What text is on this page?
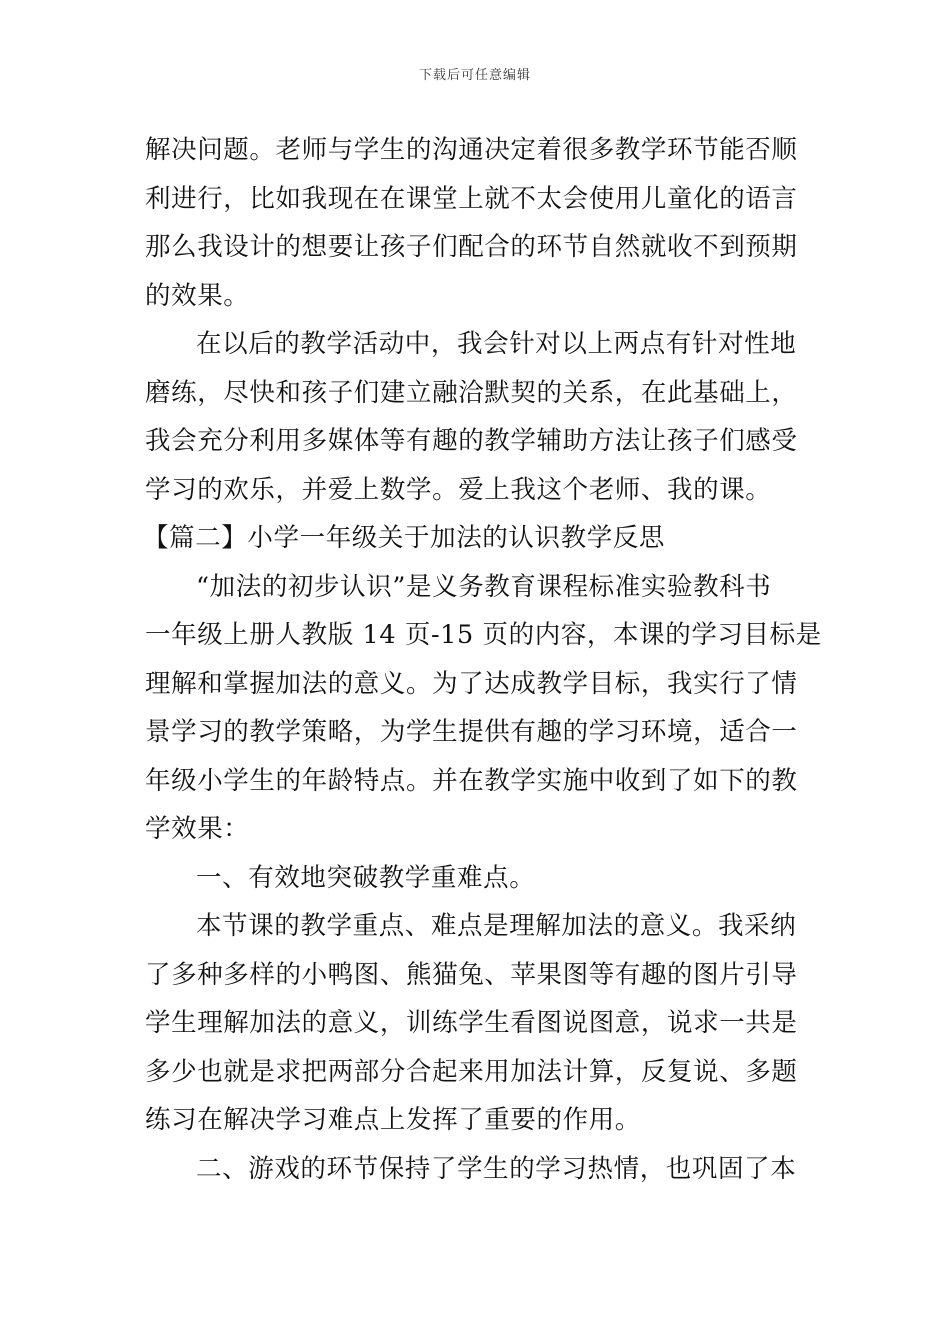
下载后可任意编辑
解决问题。老师与学生的沟通决定着很多教学环节能否顺
利进行，比如我现在在课堂上就不太会使用儿童化的语言
那么我设计的想要让孩子们配合的环节自然就收不到预期
的效果。
在以后的教学活动中，我会针对以上两点有针对性地
磨练，尽快和孩子们建立融洽默契的关系，在此基础上，
我会充分利用多媒体等有趣的教学辅助方法让孩子们感受
学习的欢乐，并爱上数学。爱上我这个老师、我的课。
【篇二】小学一年级关于加法的认识教学反思
“加法的初步认识”是义务教育课程标准实验教科书
一年级上册人教版 14 页-15 页的内容，本课的学习目标是
理解和掌握加法的意义。为了达成教学目标，我实行了情
景学习的教学策略，为学生提供有趣的学习环境，适合一
年级小学生的年龄特点。并在教学实施中收到了如下的教
学效果：
一、有效地突破教学重难点。
本节课的教学重点、难点是理解加法的意义。我采纳
了多种多样的小鸭图、熊猫兔、苹果图等有趣的图片引导
学生理解加法的意义，训练学生看图说图意，说求一共是
多少也就是求把两部分合起来用加法计算，反复说、多题
练习在解决学习难点上发挥了重要的作用。
二、游戏的环节保持了学生的学习热情，也巩固了本
